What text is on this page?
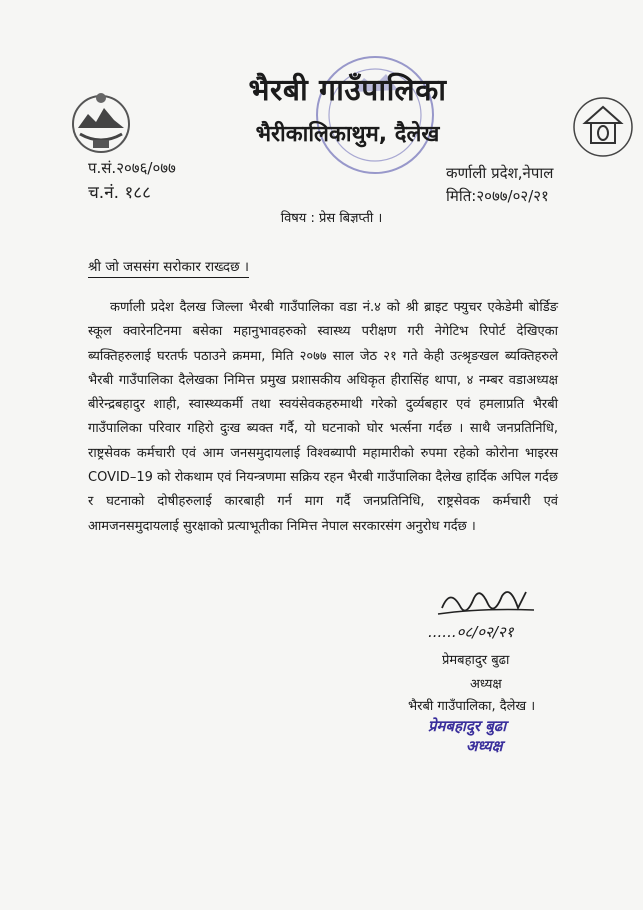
भैरबी गाउँपालिका
भैरीकालिकाथुम, दैलेख
प.सं.२०७६/०७७
च.नं. १८८
कर्णाली प्रदेश,नेपाल
मिति:२०७७/०२/२१
विषय : प्रेस बिज्ञप्ती ।
श्री जो जससंग सरोकार राख्दछ ।
कर्णाली प्रदेश दैलख जिल्ला भैरबी गाउँपालिका वडा नं.४ को श्री ब्राइट फ्युचर एकेडेमी बोर्डिङ स्कूल क्वारेनटिनमा बसेका महानुभावहरुको स्वास्थ्य परीक्षण गरी नेगेटिभ रिपोर्ट देखिएका ब्यक्तिहरुलाई घरतर्फ पठाउने क्रममा, मिति २०७७ साल जेठ २१ गते केही उत्श्रृङखल ब्यक्तिहरुले भैरबी गाउँपालिका दैलेखका निमित्त प्रमुख प्रशासकीय अधिकृत हीरासिंह थापा, ४ नम्बर वडाअध्यक्ष बीरेन्द्रबहादुर शाही, स्वास्थ्यकर्मी तथा स्वयंसेवकहरुमाथी गरेको दुर्व्यबहार एवं हमलाप्रति भैरबी गाउँपालिका परिवार गहिरो दुःख ब्यक्त गर्दै, यो घटनाको घोर भर्त्सना गर्दछ । साथै जनप्रतिनिधि, राष्ट्रसेवक कर्मचारी एवं आम जनसमुदायलाई विश्वब्यापी महामारीको रुपमा रहेको कोरोना भाइरस COVID–19 को रोकथाम एवं नियन्त्रणमा सक्रिय रहन भैरबी गाउँपालिका दैलेख हार्दिक अपिल गर्दछ र घटनाको दोषीहरुलाई कारबाही गर्न माग गर्दै जनप्रतिनिधि, राष्ट्रसेवक कर्मचारी एवं आमजनसमुदायलाई सुरक्षाको प्रत्याभूतीका निमित्त नेपाल सरकारसंग अनुरोध गर्दछ ।
......०८/०२/२१
प्रेमबहादुर बुढा
अध्यक्ष
भैरबी गाउँपालिका, दैलेख ।
प्रेमबहादुर बुढा
अध्यक्ष
